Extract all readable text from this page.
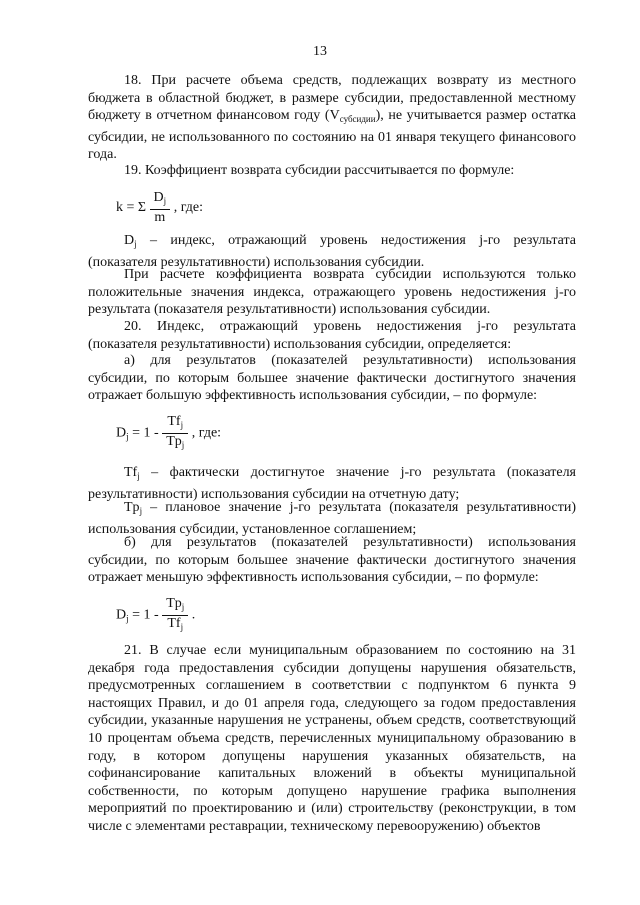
13

18. При расчете объема средств, подлежащих возврату из местного бюджета в областной бюджет, в размере субсидии, предоставленной местному бюджету в отчетном финансовом году $(V_{субсидии})$, не учитывается размер остатка субсидии, не использованного по состоянию на 01 января текущего финансового года.

19. Коэффициент возврата субсидии рассчитывается по формуле:

k = Σ $\frac{D_j}{m}$ , где:

$D_j$ – индекс, отражающий уровень недостижения j-го результата (показателя результативности) использования субсидии.

При расчете коэффициента возврата субсидии используются только положительные значения индекса, отражающего уровень недостижения j-го результата (показателя результативности) использования субсидии.

20. Индекс, отражающий уровень недостижения j-го результата (показателя результативности) использования субсидии, определяется:

а) для результатов (показателей результативности) использования субсидии, по которым большее значение фактически достигнутого значения отражает большую эффективность использования субсидии, – по формуле:

$D_j = 1 - \frac{Tf_j}{Tp_j}$ , где:

$Tf_j$ – фактически достигнутое значение j-го результата (показателя результативности) использования субсидии на отчетную дату;

$Tp_j$ – плановое значение j-го результата (показателя результативности) использования субсидии, установленное соглашением;

б) для результатов (показателей результативности) использования субсидии, по которым большее значение фактически достигнутого значения отражает меньшую эффективность использования субсидии, – по формуле:

$D_j = 1 - \frac{Tp_j}{Tf_j}$ .

21. В случае если муниципальным образованием по состоянию на 31 декабря года предоставления субсидии допущены нарушения обязательств, предусмотренных соглашением в соответствии с подпунктом 6 пункта 9 настоящих Правил, и до 01 апреля года, следующего за годом предоставления субсидии, указанные нарушения не устранены, объем средств, соответствующий 10 процентам объема средств, перечисленных муниципальному образованию в году, в котором допущены нарушения указанных обязательств, на софинансирование капитальных вложений в объекты муниципальной собственности, по которым допущено нарушение графика выполнения мероприятий по проектированию и (или) строительству (реконструкции, в том числе с элементами реставрации, техническому перевооружению) объектов
